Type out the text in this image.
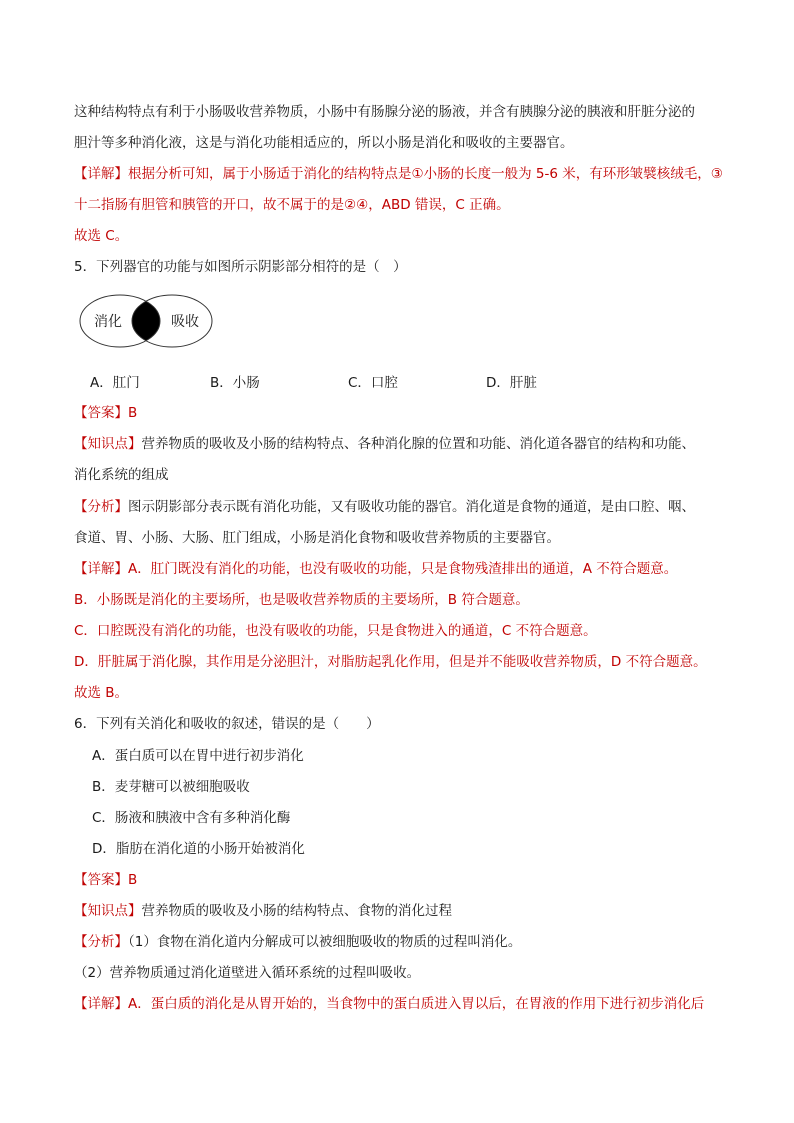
这种结构特点有利于小肠吸收营养物质，小肠中有肠腺分泌的肠液，并含有胰腺分泌的胰液和肝脏分泌的
胆汁等多种消化液，这是与消化功能相适应的，所以小肠是消化和吸收的主要器官。
【详解】根据分析可知，属于小肠适于消化的结构特点是①小肠的长度一般为 5-6 米，有环形皱襞核绒毛，③
十二指肠有胆管和胰管的开口，故不属于的是②④，ABD 错误，C 正确。
故选 C。
5．下列器官的功能与如图所示阴影部分相符的是（　）
消化	吸收
A．肛门	B．小肠	C．口腔	D．肝脏
【答案】B
【知识点】营养物质的吸收及小肠的结构特点、各种消化腺的位置和功能、消化道各器官的结构和功能、
消化系统的组成
【分析】图示阴影部分表示既有消化功能，又有吸收功能的器官。消化道是食物的通道，是由口腔、咽、
食道、胃、小肠、大肠、肛门组成，小肠是消化食物和吸收营养物质的主要器官。
【详解】A．肛门既没有消化的功能，也没有吸收的功能，只是食物残渣排出的通道，A 不符合题意。
B．小肠既是消化的主要场所，也是吸收营养物质的主要场所，B 符合题意。
C．口腔既没有消化的功能，也没有吸收的功能，只是食物进入的通道，C 不符合题意。
D．肝脏属于消化腺，其作用是分泌胆汁，对脂肪起乳化作用，但是并不能吸收营养物质，D 不符合题意。
故选 B。
6．下列有关消化和吸收的叙述，错误的是（　　）
A．蛋白质可以在胃中进行初步消化
B．麦芽糖可以被细胞吸收
C．肠液和胰液中含有多种消化酶
D．脂肪在消化道的小肠开始被消化
【答案】B
【知识点】营养物质的吸收及小肠的结构特点、食物的消化过程
【分析】（1）食物在消化道内分解成可以被细胞吸收的物质的过程叫消化。
（2）营养物质通过消化道壁进入循环系统的过程叫吸收。
【详解】A．蛋白质的消化是从胃开始的，当食物中的蛋白质进入胃以后，在胃液的作用下进行初步消化后
